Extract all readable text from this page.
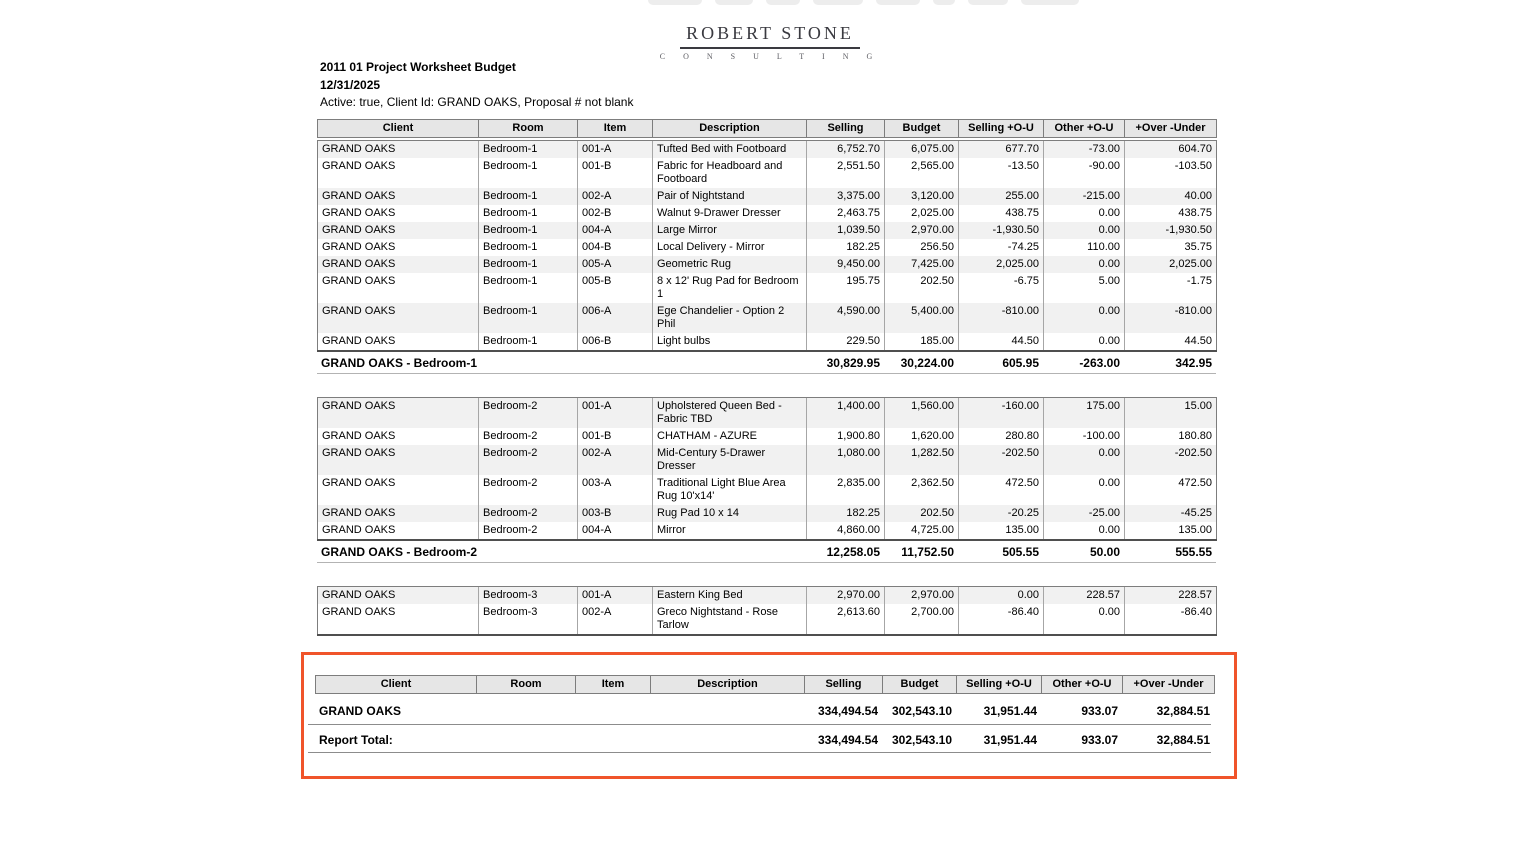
ROBERT STONE
C O N S U L T I N G
2011 01 Project Worksheet Budget
12/31/2025
Active: true, Client Id: GRAND OAKS, Proposal # not blank
Client	Room	Item	Description	Selling	Budget	Selling +O-U	Other +O-U	+Over -Under

GRAND OAKS	Bedroom-1	001-A	Tufted Bed with Footboard	6,752.70	6,075.00	677.70	-73.00	604.70
GRAND OAKS	Bedroom-1	001-B	Fabric for Headboard and Footboard	2,551.50	2,565.00	-13.50	-90.00	-103.50
GRAND OAKS	Bedroom-1	002-A	Pair of Nightstand	3,375.00	3,120.00	255.00	-215.00	40.00
GRAND OAKS	Bedroom-1	002-B	Walnut 9-Drawer Dresser	2,463.75	2,025.00	438.75	0.00	438.75
GRAND OAKS	Bedroom-1	004-A	Large Mirror	1,039.50	2,970.00	-1,930.50	0.00	-1,930.50
GRAND OAKS	Bedroom-1	004-B	Local Delivery - Mirror	182.25	256.50	-74.25	110.00	35.75
GRAND OAKS	Bedroom-1	005-A	Geometric Rug	9,450.00	7,425.00	2,025.00	0.00	2,025.00
GRAND OAKS	Bedroom-1	005-B	8 x 12' Rug Pad for Bedroom 1	195.75	202.50	-6.75	5.00	-1.75
GRAND OAKS	Bedroom-1	006-A	Ege Chandelier - Option 2 Phil	4,590.00	5,400.00	-810.00	0.00	-810.00
GRAND OAKS	Bedroom-1	006-B	Light bulbs	229.50	185.00	44.50	0.00	44.50
GRAND OAKS - Bedroom-1	30,829.95	30,224.00	605.95	-263.00	342.95
GRAND OAKS	Bedroom-2	001-A	Upholstered Queen Bed - Fabric TBD	1,400.00	1,560.00	-160.00	175.00	15.00
GRAND OAKS	Bedroom-2	001-B	CHATHAM - AZURE	1,900.80	1,620.00	280.80	-100.00	180.80
GRAND OAKS	Bedroom-2	002-A	Mid-Century 5-Drawer Dresser	1,080.00	1,282.50	-202.50	0.00	-202.50
GRAND OAKS	Bedroom-2	003-A	Traditional Light Blue Area Rug 10'x14'	2,835.00	2,362.50	472.50	0.00	472.50
GRAND OAKS	Bedroom-2	003-B	Rug Pad 10 x 14	182.25	202.50	-20.25	-25.00	-45.25
GRAND OAKS	Bedroom-2	004-A	Mirror	4,860.00	4,725.00	135.00	0.00	135.00
GRAND OAKS - Bedroom-2	12,258.05	11,752.50	505.55	50.00	555.55
GRAND OAKS	Bedroom-3	001-A	Eastern King Bed	2,970.00	2,970.00	0.00	228.57	228.57
GRAND OAKS	Bedroom-3	002-A	Greco Nightstand - Rose Tarlow	2,613.60	2,700.00	-86.40	0.00	-86.40
Client	Room	Item	Description	Selling	Budget	Selling +O-U	Other +O-U	+Over -Under

GRAND OAKS	334,494.54	302,543.10	31,951.44	933.07	32,884.51
Report Total:	334,494.54	302,543.10	31,951.44	933.07	32,884.51
